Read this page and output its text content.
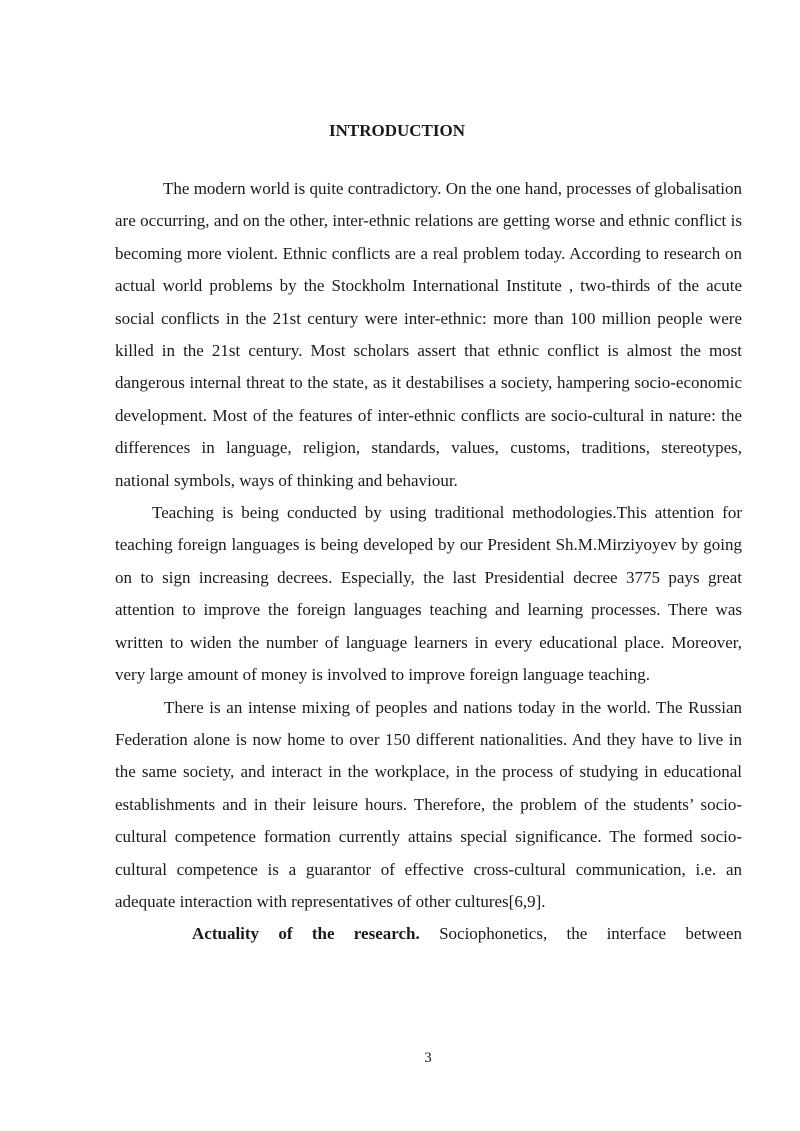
INTRODUCTION

The modern world is quite contradictory. On the one hand, processes of globalisation are occurring, and on the other, inter-ethnic relations are getting worse and ethnic conflict is becoming more violent. Ethnic conflicts are a real problem today. According to research on actual world problems by the Stockholm International Institute , two-thirds of the acute social conflicts in the 21st century were inter-ethnic: more than 100 million people were killed in the 21st century. Most scholars assert that ethnic conflict is almost the most dangerous internal threat to the state, as it destabilises a society, hampering socio-economic development. Most of the features of inter-ethnic conflicts are socio-cultural in nature: the differences in language, religion, standards, values, customs, traditions, stereotypes, national symbols, ways of thinking and behaviour.

Teaching is being conducted by using traditional methodologies.This attention for teaching foreign languages is being developed by our President Sh.M.Mirziyoyev by going on to sign increasing decrees. Especially, the last Presidential decree 3775 pays great attention to improve the foreign languages teaching and learning processes. There was written to widen the number of language learners in every educational place. Moreover, very large amount of money is involved to improve foreign language teaching.

There is an intense mixing of peoples and nations today in the world. The Russian Federation alone is now home to over 150 different nationalities. And they have to live in the same society, and interact in the workplace, in the process of studying in educational establishments and in their leisure hours. Therefore, the problem of the students’ socio-cultural competence formation currently attains special significance. The formed socio-cultural competence is a guarantor of effective cross-cultural communication, i.e. an adequate interaction with representatives of other cultures[6,9].

Actuality of the research. Sociophonetics, the interface between

3
